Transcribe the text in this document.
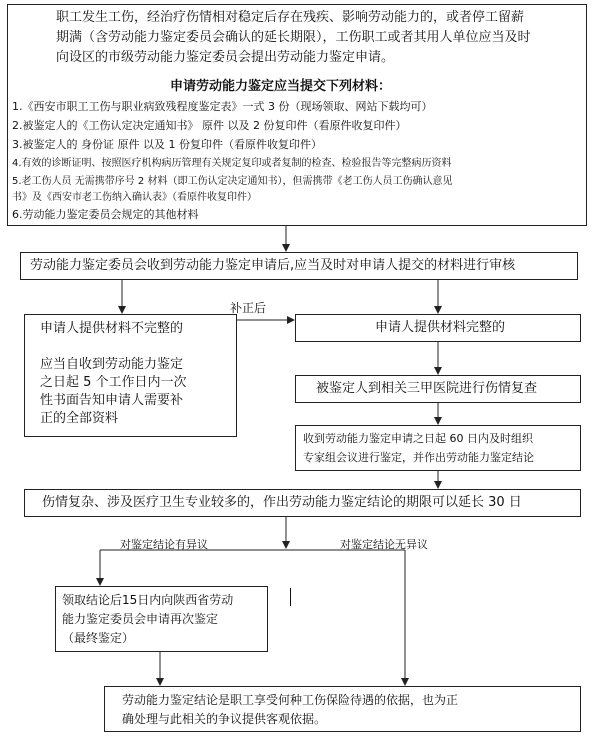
职工发生工伤，经治疗伤情相对稳定后存在残疾、影响劳动能力的，或者停工留薪
期满（含劳动能力鉴定委员会确认的延长期限），工伤职工或者其用人单位应当及时
向设区的市级劳动能力鉴定委员会提出劳动能力鉴定申请。
申请劳动能力鉴定应当提交下列材料：
1.《西安市职工工伤与职业病致残程度鉴定表》一式 3 份（现场领取、网站下载均可）
2.被鉴定人的《工伤认定决定通知书》 原件 以及 2 份复印件（看原件收复印件）
3.被鉴定人的 身份证 原件 以及 1 份复印件（看原件收复印件）
4.有效的诊断证明、按照医疗机构病历管理有关规定复印或者复制的检查、检验报告等完整病历资料
5.老工伤人员 无需携带序号 2 材料（即工伤认定决定通知书），但需携带《老工伤人员工伤确认意见
书》及《西安市老工伤纳入确认表》（看原件收复印件）
6.劳动能力鉴定委员会规定的其他材料
劳动能力鉴定委员会收到劳动能力鉴定申请后,应当及时对申请人提交的材料进行审核
申请人提供材料不完整的
应当自收到劳动能力鉴定
之日起 5 个工作日内一次
性书面告知申请人需要补
正的全部资料
补正后
申请人提供材料完整的
被鉴定人到相关三甲医院进行伤情复查
收到劳动能力鉴定申请之日起 60 日内及时组织
专家组会议进行鉴定，并作出劳动能力鉴定结论
伤情复杂、涉及医疗卫生专业较多的，作出劳动能力鉴定结论的期限可以延长 30 日
对鉴定结论有异议	对鉴定结论无异议
领取结论后15日内向陕西省劳动
能力鉴定委员会申请再次鉴定
（最终鉴定）
劳动能力鉴定结论是职工享受何种工伤保险待遇的依据，也为正
确处理与此相关的争议提供客观依据。
